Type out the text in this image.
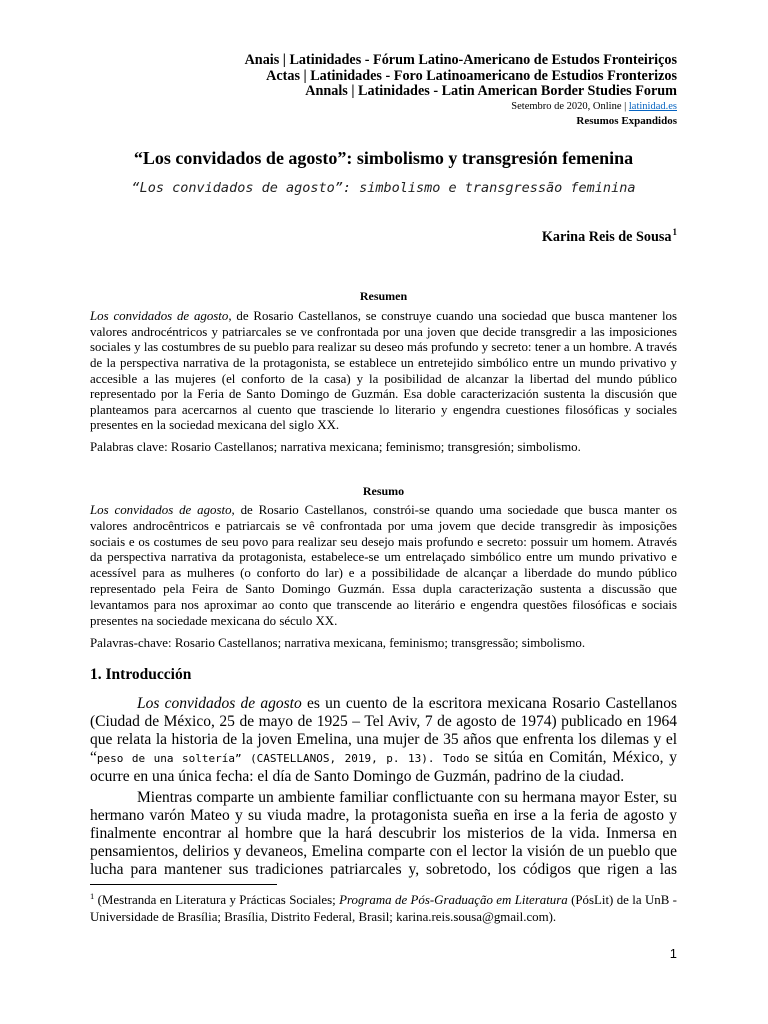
Anais | Latinidades - Fórum Latino-Americano de Estudos Fronteiriços
Actas | Latinidades - Foro Latinoamericano de Estudios Fronterizos
Annals | Latinidades - Latin American Border Studies Forum
Setembro de 2020, Online | latinidad.es
Resumos Expandidos
“Los convidados de agosto”: simbolismo y transgresión femenina
“Los convidados de agosto”: simbolismo e transgressão feminina
Karina Reis de Sousa$^1$
Resumen
Los convidados de agosto, de Rosario Castellanos, se construye cuando una sociedad que busca mantener los valores androcéntricos y patriarcales se ve confrontada por una joven que decide transgredir a las imposiciones sociales y las costumbres de su pueblo para realizar su deseo más profundo y secreto: tener a un hombre. A través de la perspectiva narrativa de la protagonista, se establece un entretejido simbólico entre un mundo privativo y accesible a las mujeres (el conforto de la casa) y la posibilidad de alcanzar la libertad del mundo público representado por la Feria de Santo Domingo de Guzmán. Esa doble caracterización sustenta la discusión que planteamos para acercarnos al cuento que trasciende lo literario y engendra cuestiones filosóficas y sociales presentes en la sociedad mexicana del siglo XX.
Palabras clave: Rosario Castellanos; narrativa mexicana; feminismo; transgresión; simbolismo.
Resumo
Los convidados de agosto, de Rosario Castellanos, constrói-se quando uma sociedade que busca manter os valores androcêntricos e patriarcais se vê confrontada por uma jovem que decide transgredir às imposições sociais e os costumes de seu povo para realizar seu desejo mais profundo e secreto: possuir um homem. Através da perspectiva narrativa da protagonista, estabelece-se um entrelaçado simbólico entre um mundo privativo e acessível para as mulheres (o conforto do lar) e a possibilidade de alcançar a liberdade do mundo público representado pela Feira de Santo Domingo Guzmán. Essa dupla caracterização sustenta a discussão que levantamos para nos aproximar ao conto que transcende ao literário e engendra questões filosóficas e sociais presentes na sociedade mexicana do século XX.
Palavras-chave: Rosario Castellanos; narrativa mexicana, feminismo; transgressão; simbolismo.
1. Introducción
Los convidados de agosto es un cuento de la escritora mexicana Rosario Castellanos (Ciudad de México, 25 de mayo de 1925 – Tel Aviv, 7 de agosto de 1974) publicado en 1964 que relata la historia de la joven Emelina, una mujer de 35 años que enfrenta los dilemas y el “peso de una soltería” (CASTELLANOS, 2019, p. 13). Todo se sitúa en Comitán, México, y ocurre en una única fecha: el día de Santo Domingo de Guzmán, padrino de la ciudad.
Mientras comparte un ambiente familiar conflictuante con su hermana mayor Ester, su hermano varón Mateo y su viuda madre, la protagonista sueña en irse a la feria de agosto y finalmente encontrar al hombre que la hará descubrir los misterios de la vida. Inmersa en pensamientos, delirios y devaneos, Emelina comparte con el lector la visión de un pueblo que lucha para mantener sus tradiciones patriarcales y, sobretodo, los códigos que rigen a las
$^1$ (Mestranda en Literatura y Prácticas Sociales; Programa de Pós-Graduação em Literatura (PósLit) de la UnB - Universidade de Brasília; Brasília, Distrito Federal, Brasil; karina.reis.sousa@gmail.com).
1
